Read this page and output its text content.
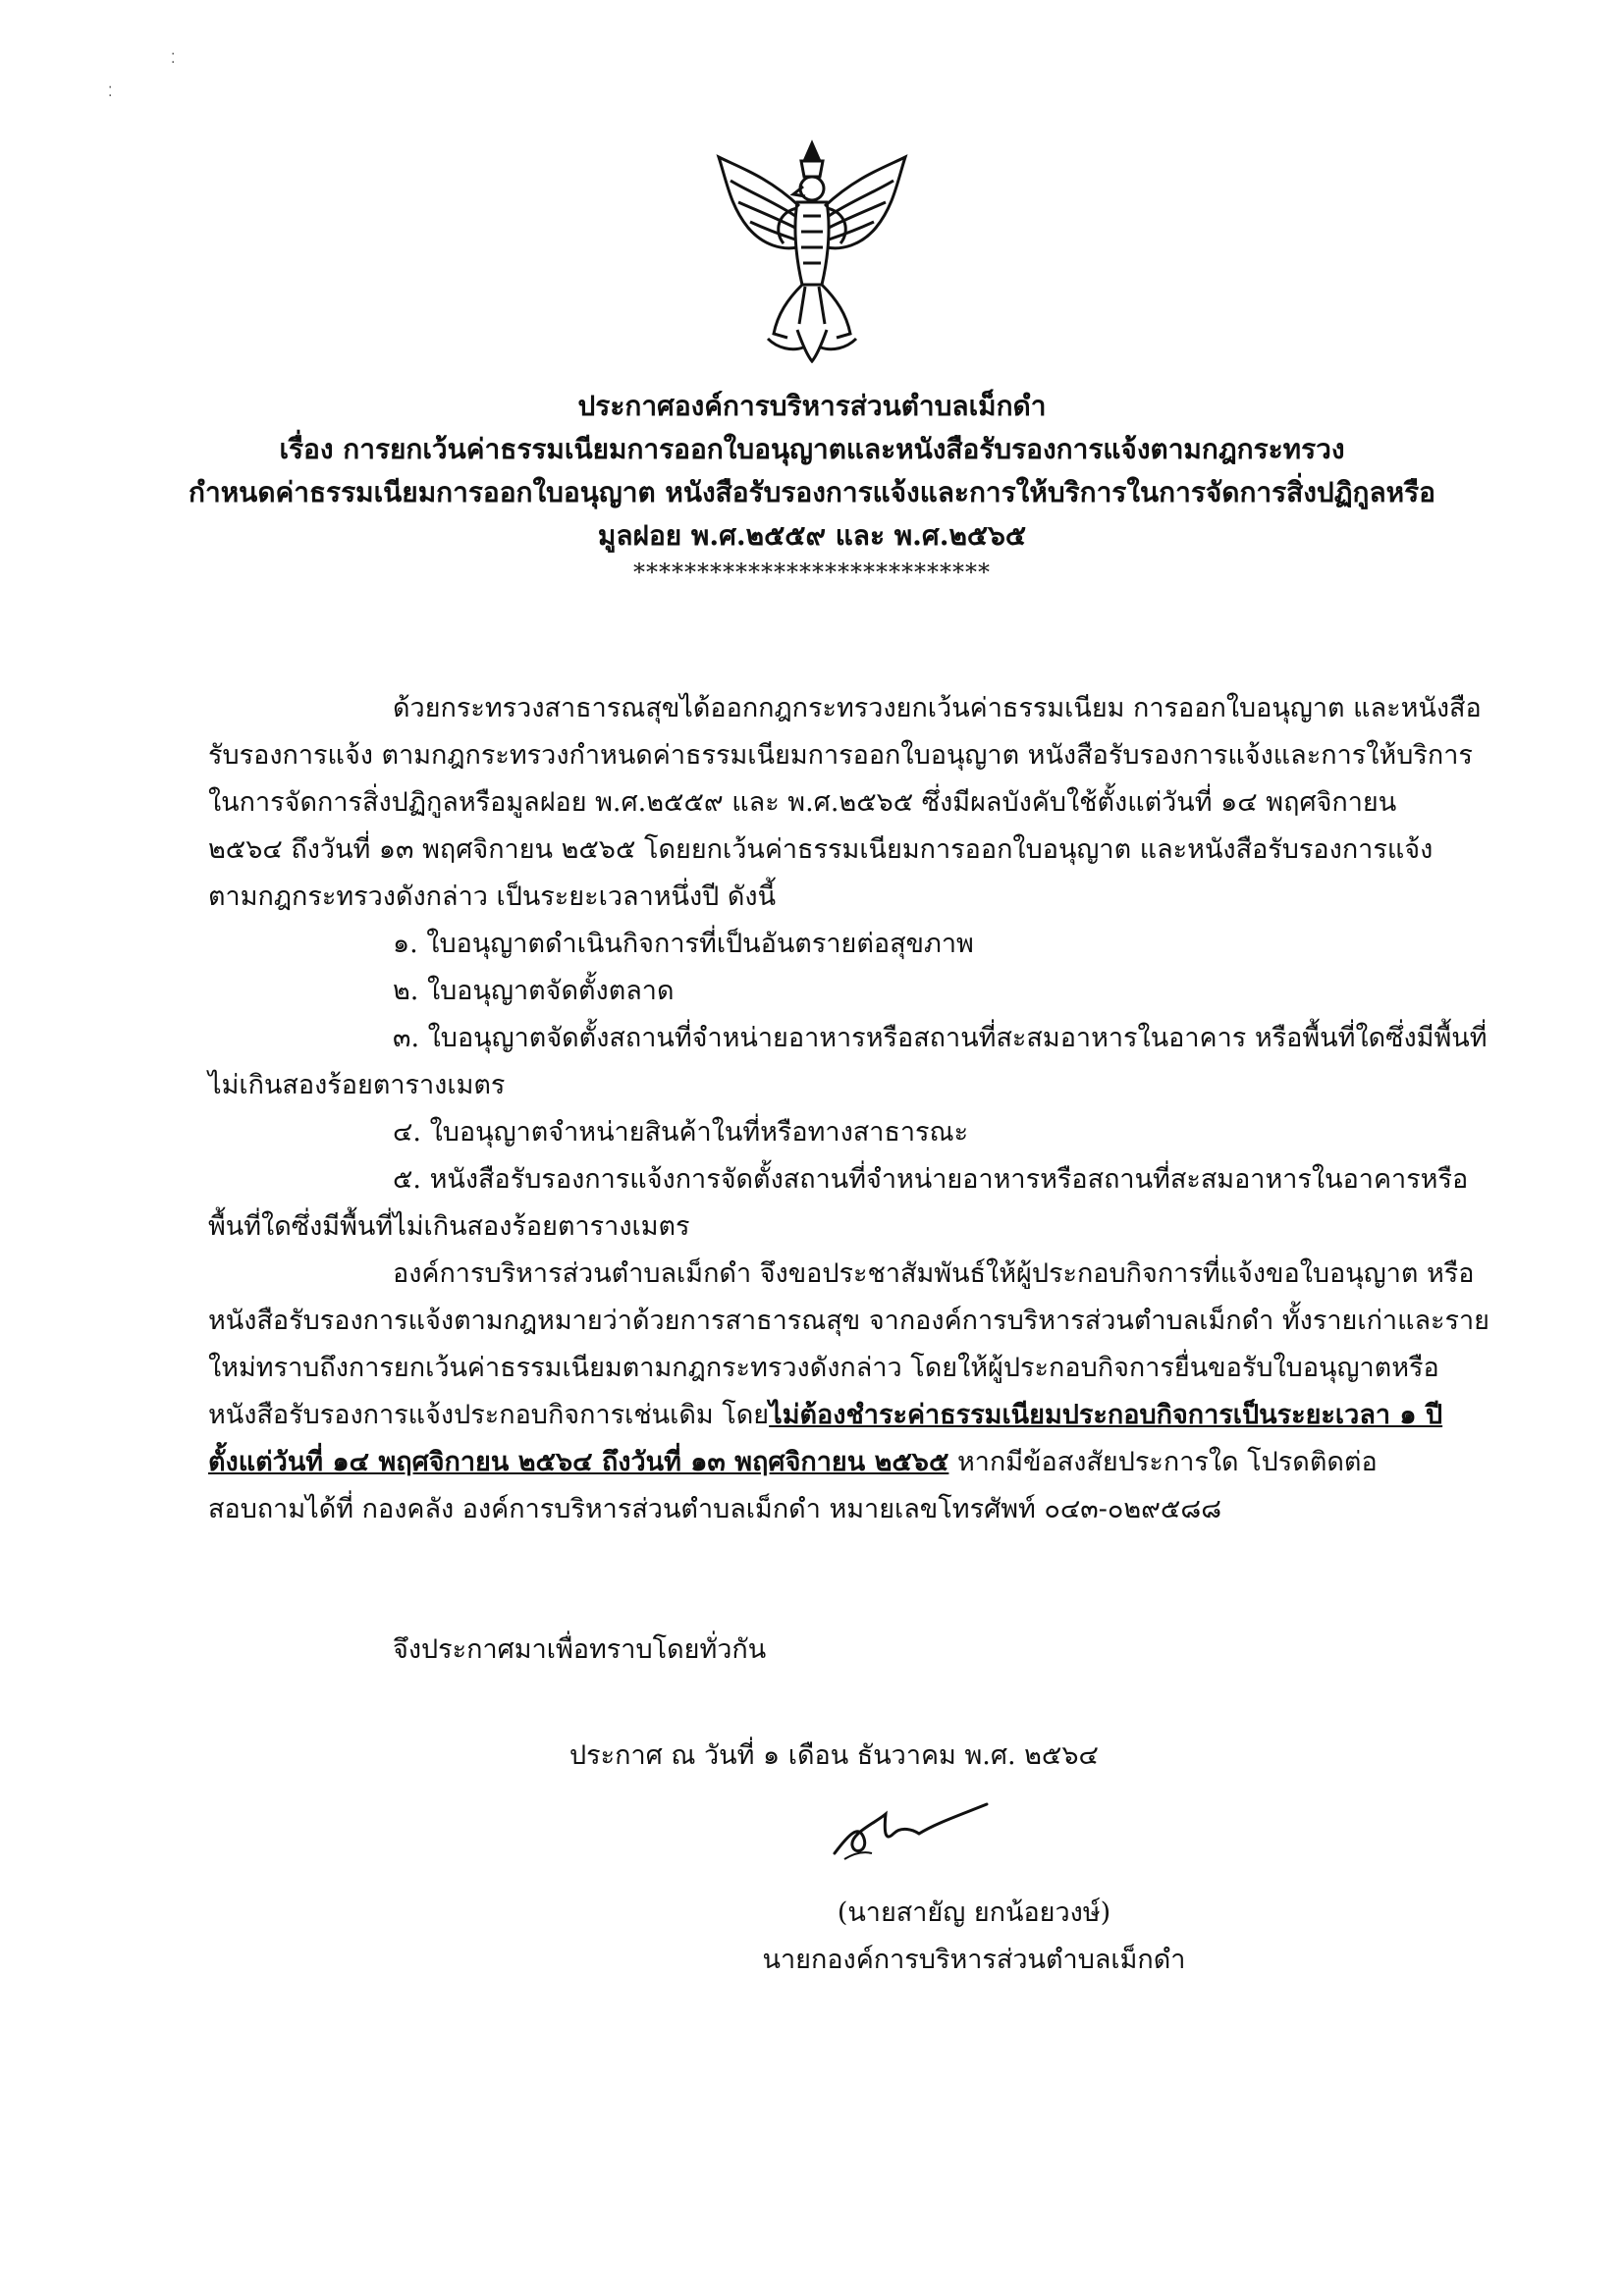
⁚
⁚
ประกาศองค์การบริหารส่วนตำบลเม็กดำ
เรื่อง การยกเว้นค่าธรรมเนียมการออกใบอนุญาตและหนังสือรับรองการแจ้งตามกฎกระทรวง
กำหนดค่าธรรมเนียมการออกใบอนุญาต หนังสือรับรองการแจ้งและการให้บริการในการจัดการสิ่งปฏิกูลหรือ
มูลฝอย พ.ศ.๒๕๕๙ และ พ.ศ.๒๕๖๕
****************************
ด้วยกระทรวงสาธารณสุขได้ออกกฎกระทรวงยกเว้นค่าธรรมเนียม การออกใบอนุญาต และหนังสือ
รับรองการแจ้ง ตามกฎกระทรวงกำหนดค่าธรรมเนียมการออกใบอนุญาต หนังสือรับรองการแจ้งและการให้บริการ
ในการจัดการสิ่งปฏิกูลหรือมูลฝอย พ.ศ.๒๕๕๙ และ พ.ศ.๒๕๖๕ ซึ่งมีผลบังคับใช้ตั้งแต่วันที่ ๑๔ พฤศจิกายน
๒๕๖๔ ถึงวันที่ ๑๓ พฤศจิกายน ๒๕๖๕ โดยยกเว้นค่าธรรมเนียมการออกใบอนุญาต และหนังสือรับรองการแจ้ง
ตามกฎกระทรวงดังกล่าว เป็นระยะเวลาหนึ่งปี ดังนี้
๑. ใบอนุญาตดำเนินกิจการที่เป็นอันตรายต่อสุขภาพ
๒. ใบอนุญาตจัดตั้งตลาด
๓. ใบอนุญาตจัดตั้งสถานที่จำหน่ายอาหารหรือสถานที่สะสมอาหารในอาคาร หรือพื้นที่ใดซึ่งมีพื้นที่
ไม่เกินสองร้อยตารางเมตร
๔. ใบอนุญาตจำหน่ายสินค้าในที่หรือทางสาธารณะ
๕. หนังสือรับรองการแจ้งการจัดตั้งสถานที่จำหน่ายอาหารหรือสถานที่สะสมอาหารในอาคารหรือ
พื้นที่ใดซึ่งมีพื้นที่ไม่เกินสองร้อยตารางเมตร
องค์การบริหารส่วนตำบลเม็กดำ จึงขอประชาสัมพันธ์ให้ผู้ประกอบกิจการที่แจ้งขอใบอนุญาต หรือ
หนังสือรับรองการแจ้งตามกฎหมายว่าด้วยการสาธารณสุข จากองค์การบริหารส่วนตำบลเม็กดำ ทั้งรายเก่าและราย
ใหม่ทราบถึงการยกเว้นค่าธรรมเนียมตามกฎกระทรวงดังกล่าว โดยให้ผู้ประกอบกิจการยื่นขอรับใบอนุญาตหรือ
หนังสือรับรองการแจ้งประกอบกิจการเช่นเดิม โดยไม่ต้องชำระค่าธรรมเนียมประกอบกิจการเป็นระยะเวลา ๑ ปี
ตั้งแต่วันที่ ๑๔ พฤศจิกายน ๒๕๖๔ ถึงวันที่ ๑๓ พฤศจิกายน ๒๕๖๕ หากมีข้อสงสัยประการใด โปรดติดต่อ
สอบถามได้ที่ กองคลัง องค์การบริหารส่วนตำบลเม็กดำ หมายเลขโทรศัพท์ ๐๔๓-๐๒๙๕๘๘
จึงประกาศมาเพื่อทราบโดยทั่วกัน
ประกาศ ณ วันที่ ๑ เดือน ธันวาคม พ.ศ. ๒๕๖๔
(นายสายัญ ยกน้อยวงษ์)
นายกองค์การบริหารส่วนตำบลเม็กดำ
